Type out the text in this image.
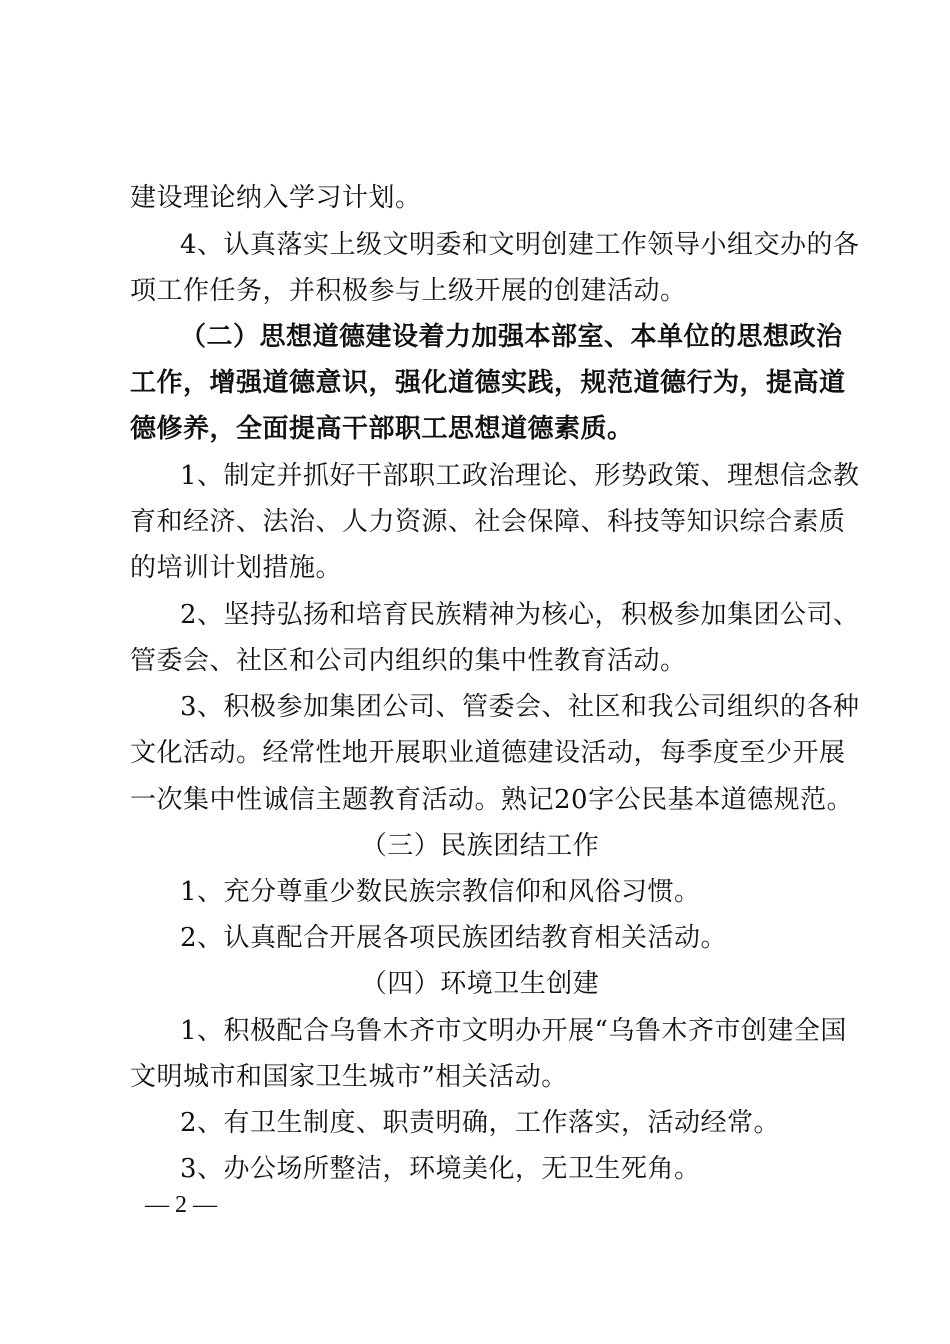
建设理论纳入学习计划。
4、认真落实上级文明委和文明创建工作领导小组交办的各
项工作任务，并积极参与上级开展的创建活动。
（二）思想道德建设着力加强本部室、本单位的思想政治
工作，增强道德意识，强化道德实践，规范道德行为，提高道
德修养，全面提高干部职工思想道德素质。
1、制定并抓好干部职工政治理论、形势政策、理想信念教
育和经济、法治、人力资源、社会保障、科技等知识综合素质
的培训计划措施。
2、坚持弘扬和培育民族精神为核心，积极参加集团公司、
管委会、社区和公司内组织的集中性教育活动。
3、积极参加集团公司、管委会、社区和我公司组织的各种
文化活动。经常性地开展职业道德建设活动，每季度至少开展
一次集中性诚信主题教育活动。熟记20字公民基本道德规范。
（三）民族团结工作
1、充分尊重少数民族宗教信仰和风俗习惯。
2、认真配合开展各项民族团结教育相关活动。
（四）环境卫生创建
1、积极配合乌鲁木齐市文明办开展“乌鲁木齐市创建全国
文明城市和国家卫生城市”相关活动。
2、有卫生制度、职责明确，工作落实，活动经常。
3、办公场所整洁，环境美化，无卫生死角。
— 2 —
